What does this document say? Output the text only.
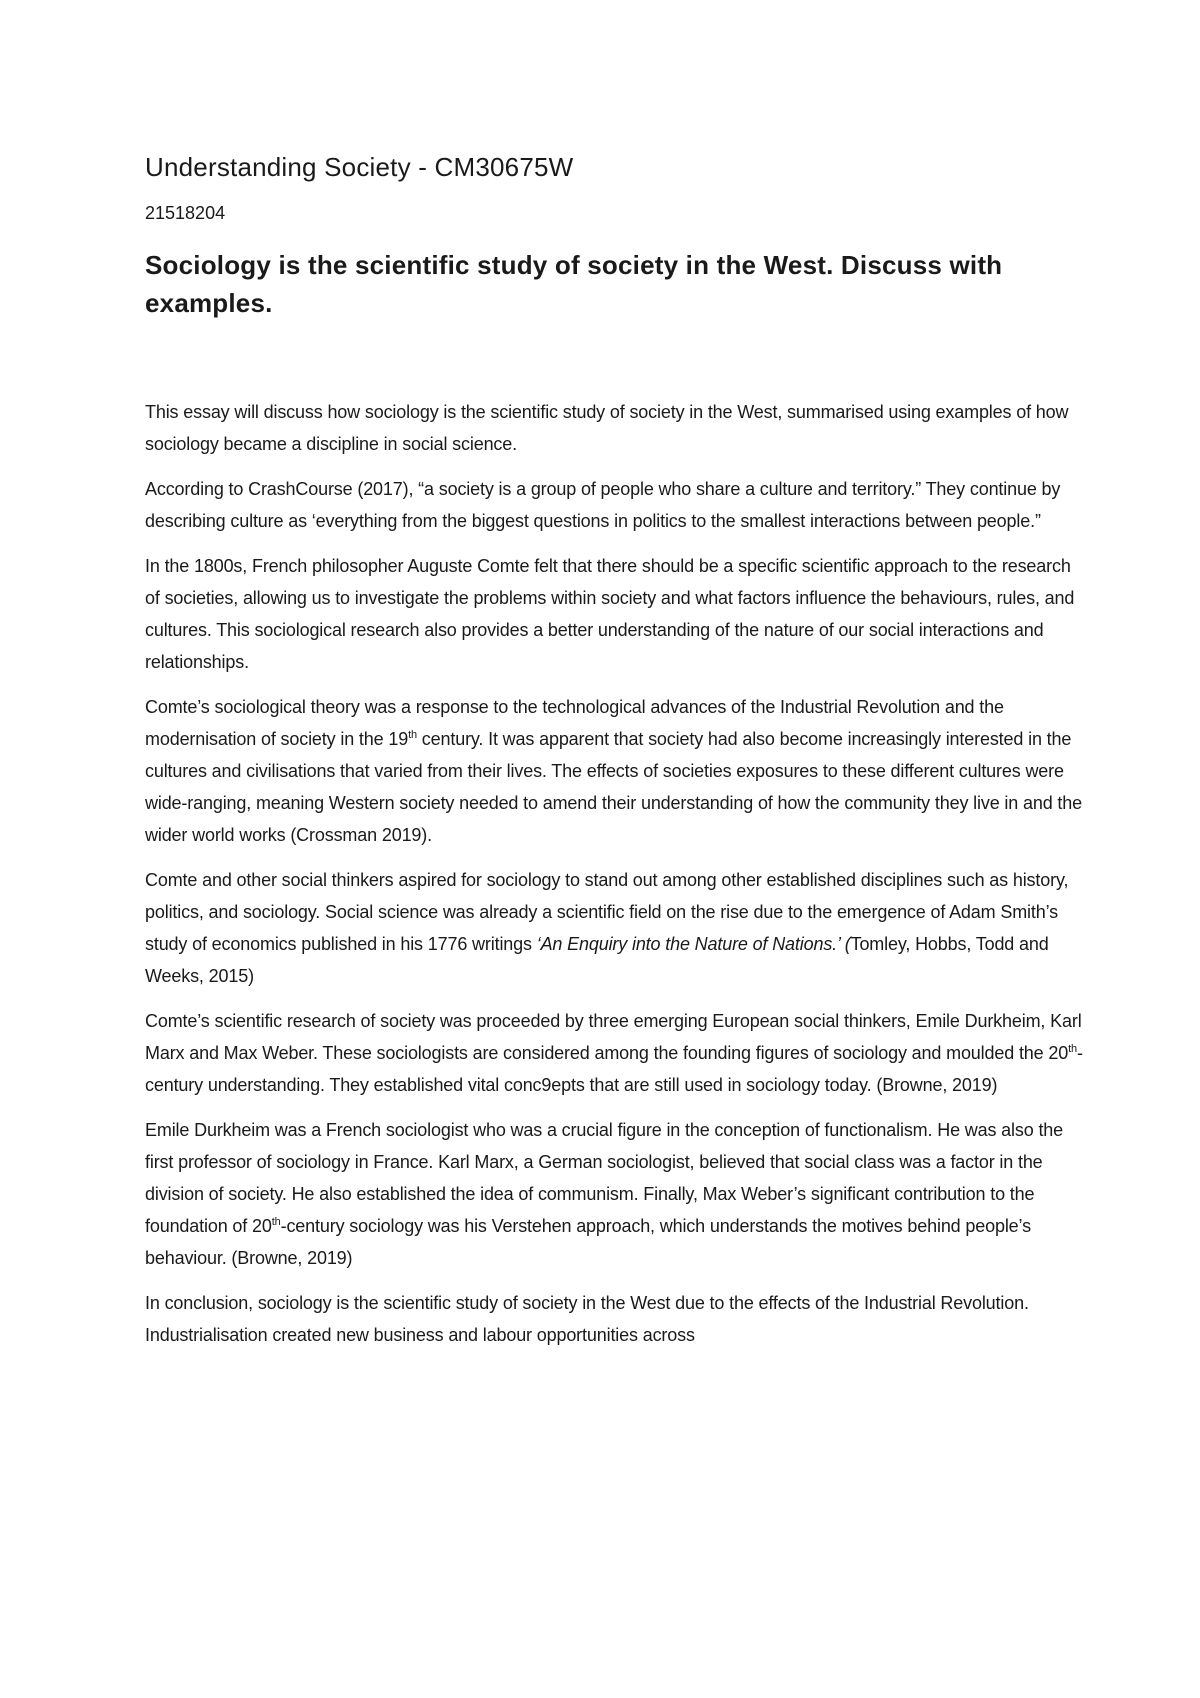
Understanding Society - CM30675W
21518204
Sociology is the scientific study of society in the West. Discuss with examples.

This essay will discuss how sociology is the scientific study of society in the West, summarised using examples of how sociology became a discipline in social science.

According to CrashCourse (2017), “a society is a group of people who share a culture and territory.” They continue by describing culture as ‘everything from the biggest questions in politics to the smallest interactions between people.”

In the 1800s, French philosopher Auguste Comte felt that there should be a specific scientific approach to the research of societies, allowing us to investigate the problems within society and what factors influence the behaviours, rules, and cultures. This sociological research also provides a better understanding of the nature of our social interactions and relationships.

Comte’s sociological theory was a response to the technological advances of the Industrial Revolution and the modernisation of society in the 19th century. It was apparent that society had also become increasingly interested in the cultures and civilisations that varied from their lives. The effects of societies exposures to these different cultures were wide-ranging, meaning Western society needed to amend their understanding of how the community they live in and the wider world works (Crossman 2019).

Comte and other social thinkers aspired for sociology to stand out among other established disciplines such as history, politics, and sociology. Social science was already a scientific field on the rise due to the emergence of Adam Smith’s study of economics published in his 1776 writings ‘An Enquiry into the Nature of Nations.’ (Tomley, Hobbs, Todd and Weeks, 2015)

Comte’s scientific research of society was proceeded by three emerging European social thinkers, Emile Durkheim, Karl Marx and Max Weber. These sociologists are considered among the founding figures of sociology and moulded the 20th-century understanding. They established vital conc9epts that are still used in sociology today. (Browne, 2019)

Emile Durkheim was a French sociologist who was a crucial figure in the conception of functionalism. He was also the first professor of sociology in France. Karl Marx, a German sociologist, believed that social class was a factor in the division of society. He also established the idea of communism. Finally, Max Weber’s significant contribution to the foundation of 20th-century sociology was his Verstehen approach, which understands the motives behind people’s behaviour. (Browne, 2019)

In conclusion, sociology is the scientific study of society in the West due to the effects of the Industrial Revolution. Industrialisation created new business and labour opportunities across
